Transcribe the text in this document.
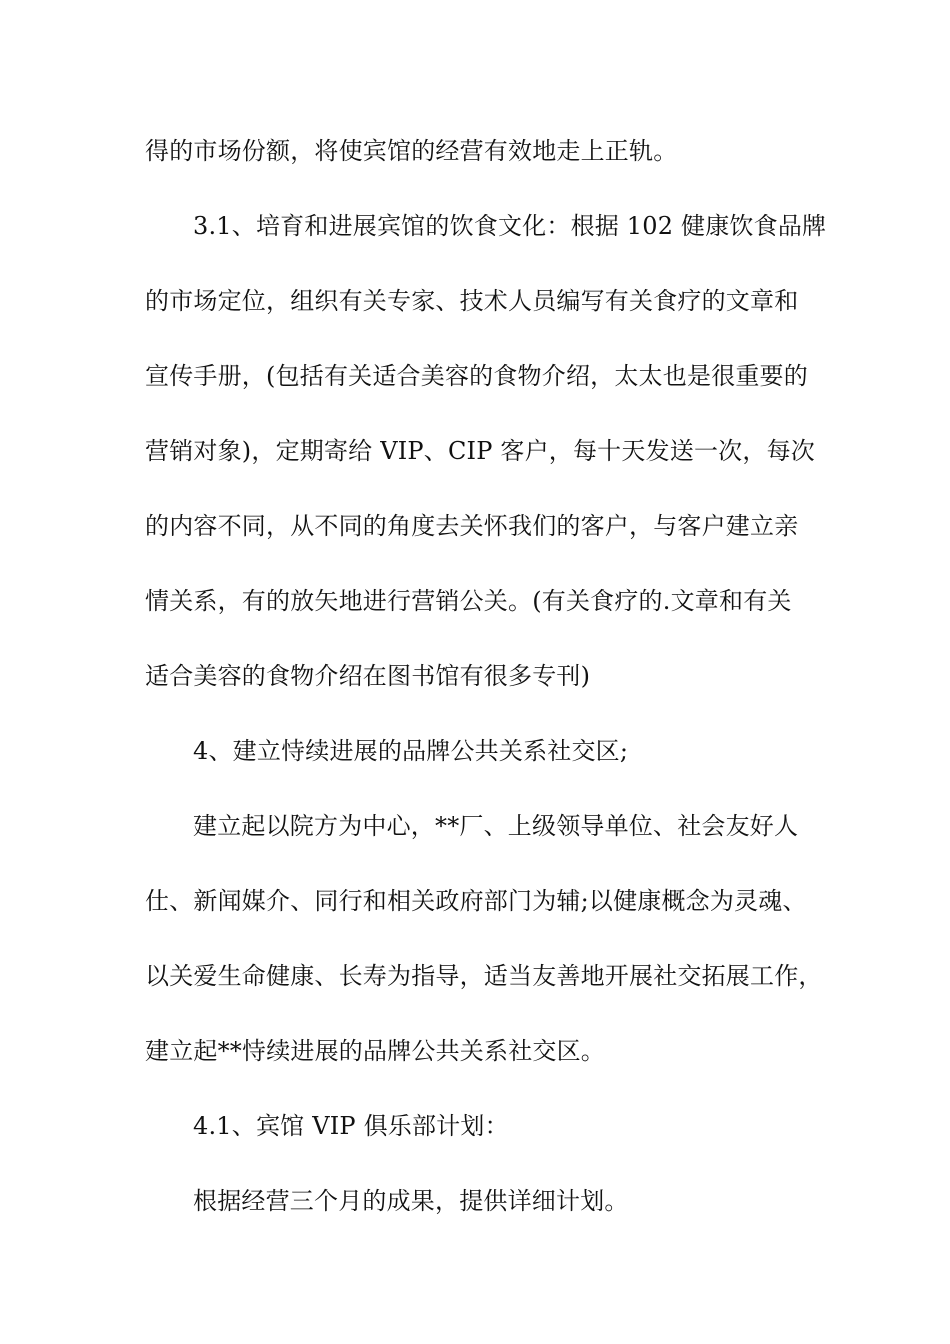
得的市场份额，将使宾馆的经营有效地走上正轨。
3.1、培育和进展宾馆的饮食文化：根据 102 健康饮食品牌
的市场定位，组织有关专家、技术人员编写有关食疗的文章和
宣传手册，(包括有关适合美容的食物介绍，太太也是很重要的
营销对象)，定期寄给 VIP、CIP 客户，每十天发送一次，每次
的内容不同，从不同的角度去关怀我们的客户，与客户建立亲
情关系，有的放矢地进行营销公关。(有关食疗的.文章和有关
适合美容的食物介绍在图书馆有很多专刊)
4、建立恃续进展的品牌公共关系社交区;
建立起以院方为中心，**厂、上级领导单位、社会友好人
仕、新闻媒介、同行和相关政府部门为辅;以健康概念为灵魂、
以关爱生命健康、长寿为指导，适当友善地开展社交拓展工作，
建立起**恃续进展的品牌公共关系社交区。
4.1、宾馆 VIP 俱乐部计划：
根据经营三个月的成果，提供详细计划。
